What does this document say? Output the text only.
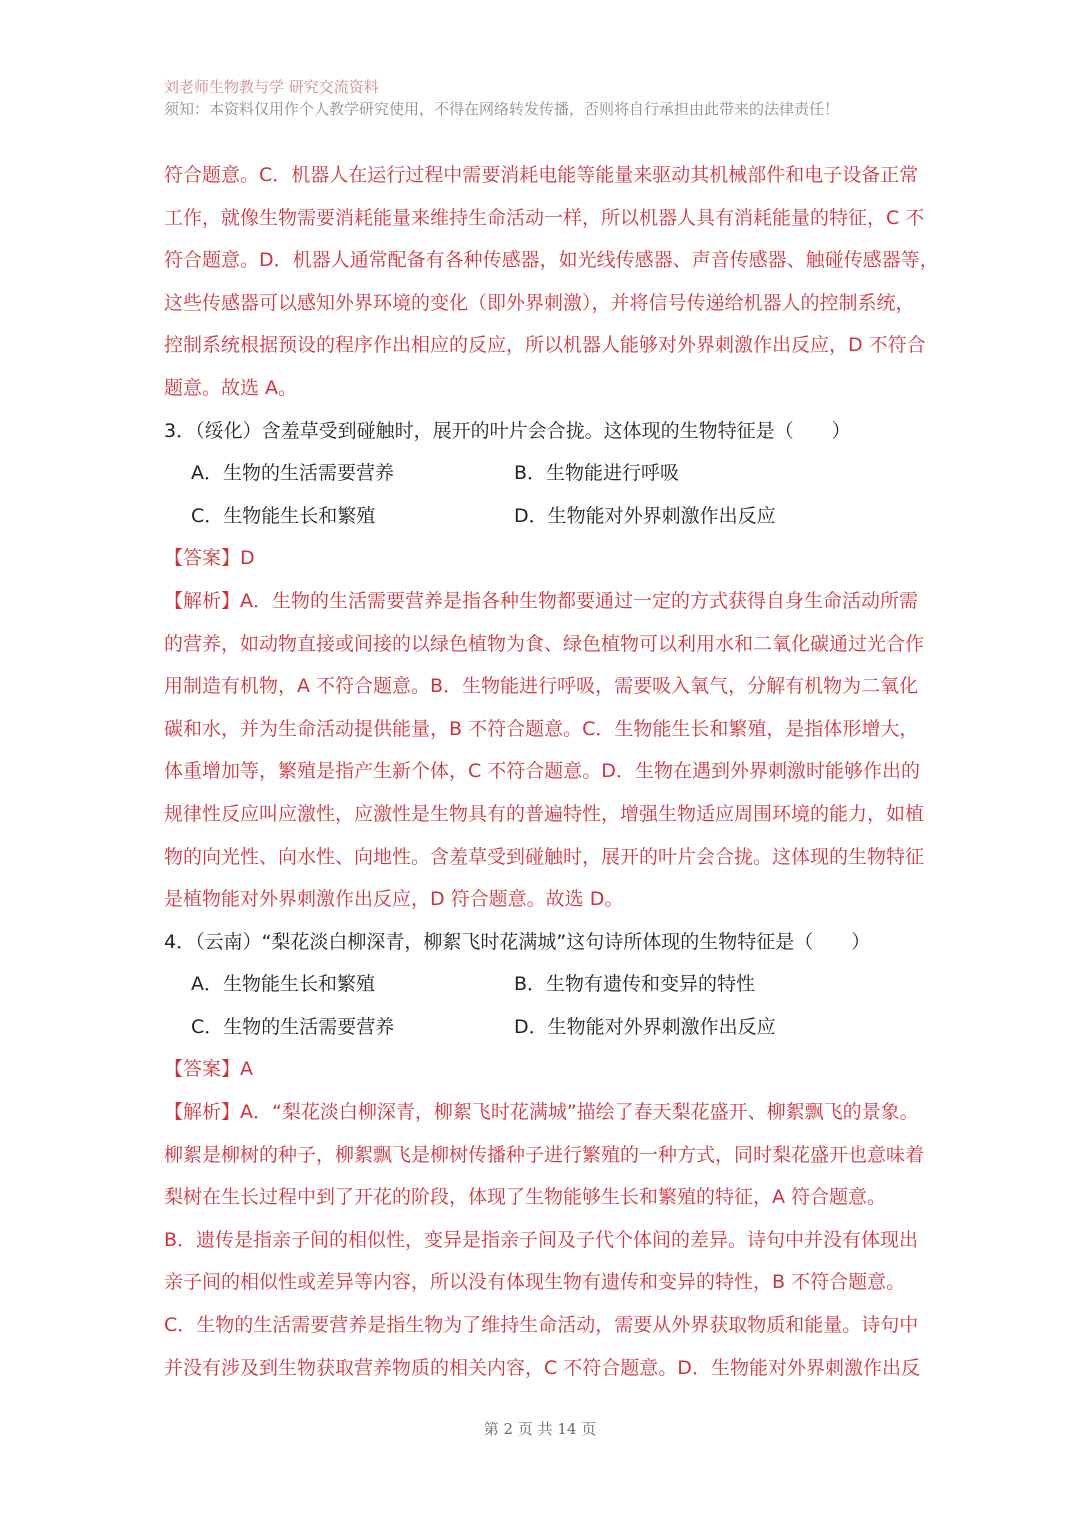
刘老师生物教与学 研究交流资料
须知：本资料仅用作个人教学研究使用，不得在网络转发传播，否则将自行承担由此带来的法律责任！
符合题意。C．机器人在运行过程中需要消耗电能等能量来驱动其机械部件和电子设备正常
工作，就像生物需要消耗能量来维持生命活动一样，所以机器人具有消耗能量的特征，C 不
符合题意。D．机器人通常配备有各种传感器，如光线传感器、声音传感器、触碰传感器等，
这些传感器可以感知外界环境的变化（即外界刺激），并将信号传递给机器人的控制系统，
控制系统根据预设的程序作出相应的反应，所以机器人能够对外界刺激作出反应，D 不符合
题意。故选 A。
3．（绥化）含羞草受到碰触时，展开的叶片会合拢。这体现的生物特征是（　　）
A．生物的生活需要营养	B．生物能进行呼吸
C．生物能生长和繁殖	D．生物能对外界刺激作出反应
【答案】D
【解析】A．生物的生活需要营养是指各种生物都要通过一定的方式获得自身生命活动所需
的营养，如动物直接或间接的以绿色植物为食、绿色植物可以利用水和二氧化碳通过光合作
用制造有机物，A 不符合题意。B．生物能进行呼吸，需要吸入氧气，分解有机物为二氧化
碳和水，并为生命活动提供能量，B 不符合题意。C．生物能生长和繁殖，是指体形增大，
体重增加等，繁殖是指产生新个体，C 不符合题意。D．生物在遇到外界刺激时能够作出的
规律性反应叫应激性，应激性是生物具有的普遍特性，增强生物适应周围环境的能力，如植
物的向光性、向水性、向地性。含羞草受到碰触时，展开的叶片会合拢。这体现的生物特征
是植物能对外界刺激作出反应，D 符合题意。故选 D。
4．（云南）“梨花淡白柳深青，柳絮飞时花满城”这句诗所体现的生物特征是（　　）
A．生物能生长和繁殖	B．生物有遗传和变异的特性
C．生物的生活需要营养	D．生物能对外界刺激作出反应
【答案】A
【解析】A．“梨花淡白柳深青，柳絮飞时花满城”描绘了春天梨花盛开、柳絮飘飞的景象。
柳絮是柳树的种子，柳絮飘飞是柳树传播种子进行繁殖的一种方式，同时梨花盛开也意味着
梨树在生长过程中到了开花的阶段，体现了生物能够生长和繁殖的特征，A 符合题意。
B．遗传是指亲子间的相似性，变异是指亲子间及子代个体间的差异。诗句中并没有体现出
亲子间的相似性或差异等内容，所以没有体现生物有遗传和变异的特性，B 不符合题意。
C．生物的生活需要营养是指生物为了维持生命活动，需要从外界获取物质和能量。诗句中
并没有涉及到生物获取营养物质的相关内容，C 不符合题意。D．生物能对外界刺激作出反
第 2 页 共 14 页
